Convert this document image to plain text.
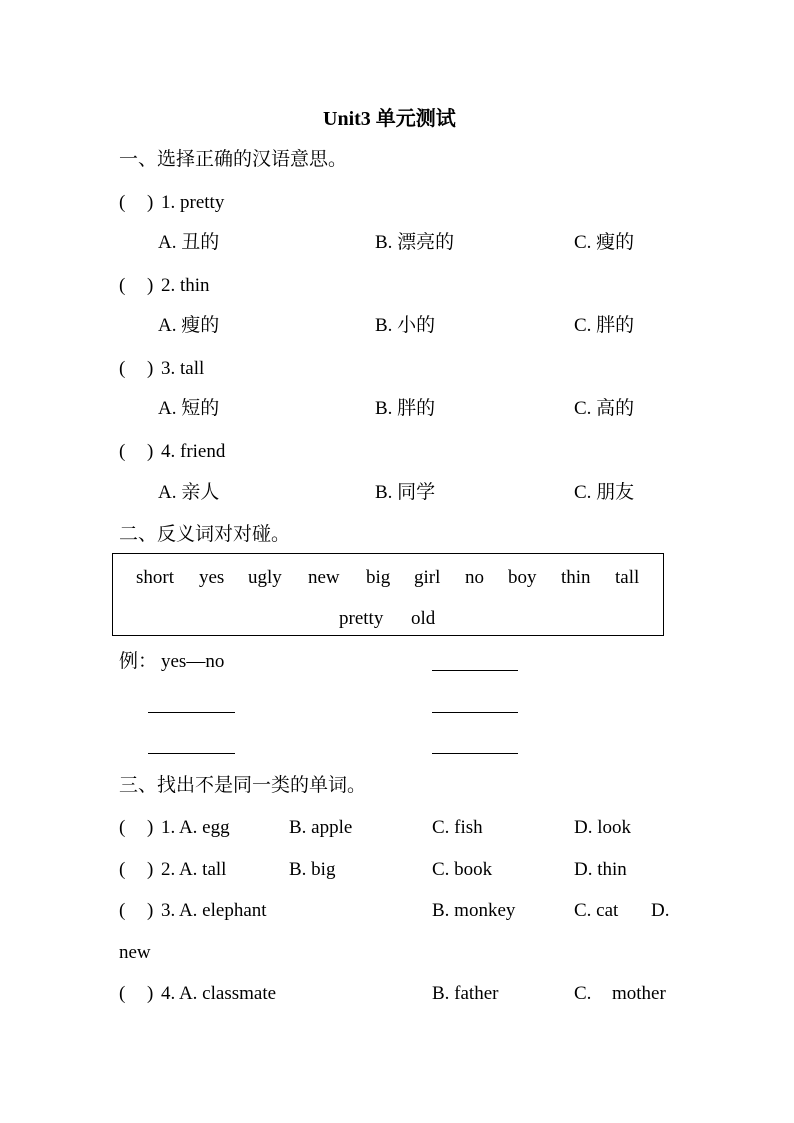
Unit3 单元测试
一、选择正确的汉语意思。
( ) 1. pretty
A. 丑的	B. 漂亮的	C. 瘦的
( ) 2. thin
A. 瘦的	B. 小的	C. 胖的
( ) 3. tall
A. 短的	B. 胖的	C. 高的
( ) 4. friend
A. 亲人	B. 同学	C. 朋友
二、反义词对对碰。
short yes ugly new big girl no boy thin tall
pretty old
例： yes—no
三、找出不是同一类的单词。
( ) 1. A. egg	B. apple	C. fish	D. look
( ) 2. A. tall	B. big	C. book	D. thin
( ) 3. A. elephant	B. monkey	C. cat D.
new
( ) 4. A. classmate	B. father	C. mother
